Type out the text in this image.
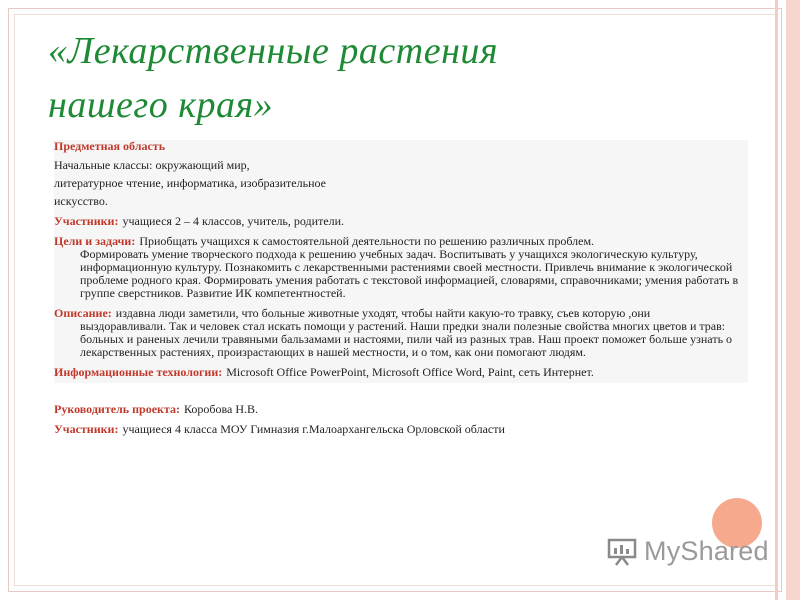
«Лекарственные растения
нашего края»
Предметная область
Начальные классы: окружающий мир,
литературное чтение, информатика, изобразительное
искусство.
Участники: учащиеся 2 – 4 классов, учитель, родители.
Цели и задачи: Приобщать учащихся к самостоятельной деятельности по решению различных проблем.
Формировать умение творческого подхода к решению учебных задач. Воспитывать у учащихся экологическую культуру, информационную культуру. Познакомить с лекарственными растениями своей местности. Привлечь внимание к экологической проблеме родного края. Формировать умения работать с текстовой информацией, словарями, справочниками; умения работать в группе сверстников. Развитие ИК компетентностей.
Описание: издавна люди заметили, что больные животные уходят, чтобы найти какую-то травку, съев которую ,они
выздоравливали. Так и человек стал искать помощи у растений. Наши предки знали полезные свойства многих цветов и трав: больных и раненых лечили травяными бальзамами и настоями, пили чай из разных трав. Наш проект поможет больше узнать о лекарственных растениях, произрастающих в нашей местности, и о том, как они помогают людям.
Информационные технологии: Microsoft Office PowerPoint, Microsoft Office Word, Paint, сеть Интернет.
Руководитель проекта: Коробова Н.В.
Участники: учащиеся 4 класса МОУ Гимназия г.Малоархангельска Орловской области
MyShared
